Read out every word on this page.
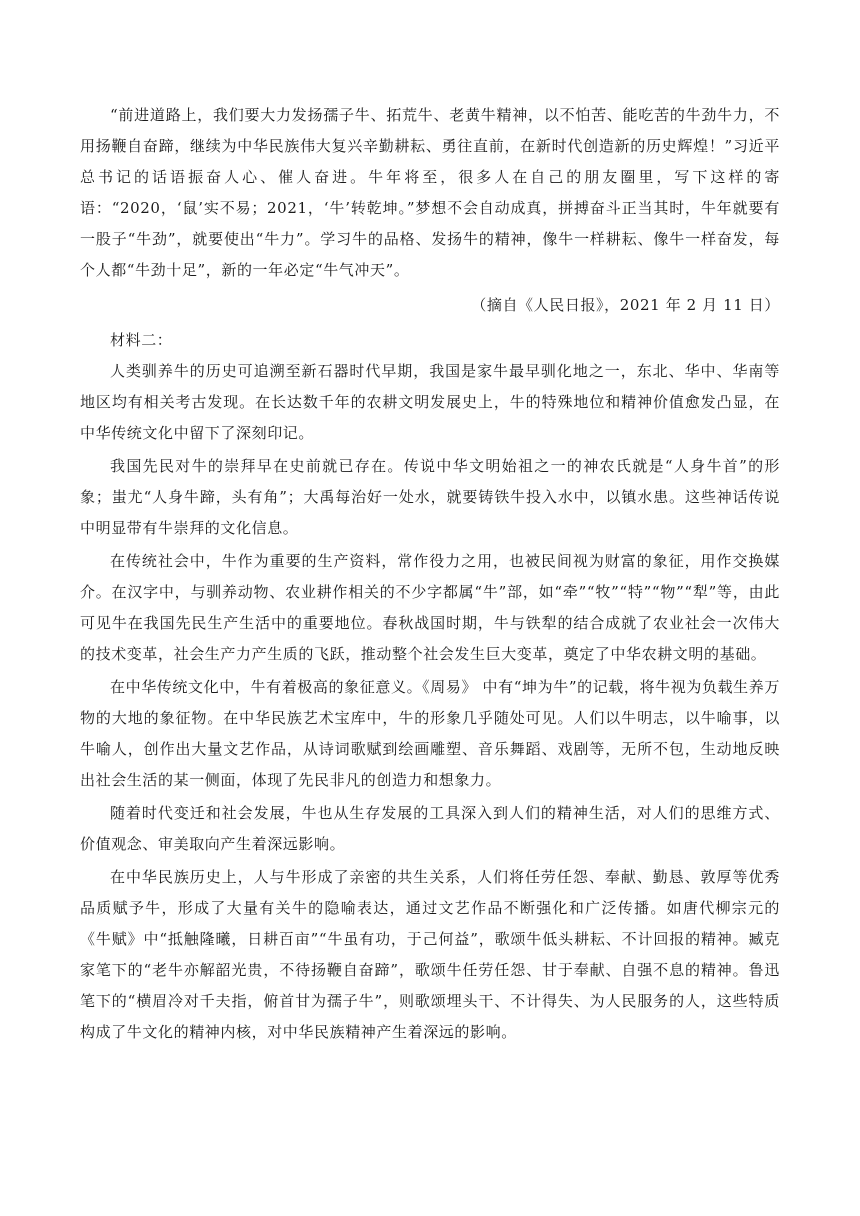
“前进道路上，我们要大力发扬孺子牛、拓荒牛、老黄牛精神，以不怕苦、能吃苦的牛劲牛力，不用扬鞭自奋蹄，继续为中华民族伟大复兴辛勤耕耘、勇往直前，在新时代创造新的历史辉煌！”习近平总书记的话语振奋人心、催人奋进。牛年将至，很多人在自己的朋友圈里，写下这样的寄语：“2020，‘鼠’实不易；2021，‘牛’转乾坤。”梦想不会自动成真，拼搏奋斗正当其时，牛年就要有一股子“牛劲”，就要使出“牛力”。学习牛的品格、发扬牛的精神，像牛一样耕耘、像牛一样奋发，每个人都“牛劲十足”，新的一年必定“牛气冲天”。

（摘自《人民日报》，2021 年 2 月 11 日）

材料二：

人类驯养牛的历史可追溯至新石器时代早期，我国是家牛最早驯化地之一，东北、华中、华南等地区均有相关考古发现。在长达数千年的农耕文明发展史上，牛的特殊地位和精神价值愈发凸显，在中华传统文化中留下了深刻印记。

我国先民对牛的崇拜早在史前就已存在。传说中华文明始祖之一的神农氏就是“人身牛首”的形象；蚩尤“人身牛蹄，头有角”；大禹每治好一处水，就要铸铁牛投入水中，以镇水患。这些神话传说中明显带有牛崇拜的文化信息。

在传统社会中，牛作为重要的生产资料，常作役力之用，也被民间视为财富的象征，用作交换媒介。在汉字中，与驯养动物、农业耕作相关的不少字都属“牛”部，如“牵”“牧”“特”“物”“犁”等，由此可见牛在我国先民生产生活中的重要地位。春秋战国时期，牛与铁犁的结合成就了农业社会一次伟大的技术变革，社会生产力产生质的飞跃，推动整个社会发生巨大变革，奠定了中华农耕文明的基础。

在中华传统文化中，牛有着极高的象征意义。《周易》 中有“坤为牛”的记载，将牛视为负载生养万物的大地的象征物。在中华民族艺术宝库中，牛的形象几乎随处可见。人们以牛明志，以牛喻事，以牛喻人，创作出大量文艺作品，从诗词歌赋到绘画雕塑、音乐舞蹈、戏剧等，无所不包，生动地反映出社会生活的某一侧面，体现了先民非凡的创造力和想象力。

随着时代变迁和社会发展，牛也从生存发展的工具深入到人们的精神生活，对人们的思维方式、价值观念、审美取向产生着深远影响。

在中华民族历史上，人与牛形成了亲密的共生关系，人们将任劳任怨、奉献、勤恳、敦厚等优秀品质赋予牛，形成了大量有关牛的隐喻表达，通过文艺作品不断强化和广泛传播。如唐代柳宗元的《牛赋》中“抵触隆曦，日耕百亩”“牛虽有功，于己何益”，歌颂牛低头耕耘、不计回报的精神。臧克家笔下的“老牛亦解韶光贵，不待扬鞭自奋蹄”，歌颂牛任劳任怨、甘于奉献、自强不息的精神。鲁迅笔下的“横眉冷对千夫指，俯首甘为孺子牛”，则歌颂埋头干、不计得失、为人民服务的人，这些特质构成了牛文化的精神内核，对中华民族精神产生着深远的影响。
